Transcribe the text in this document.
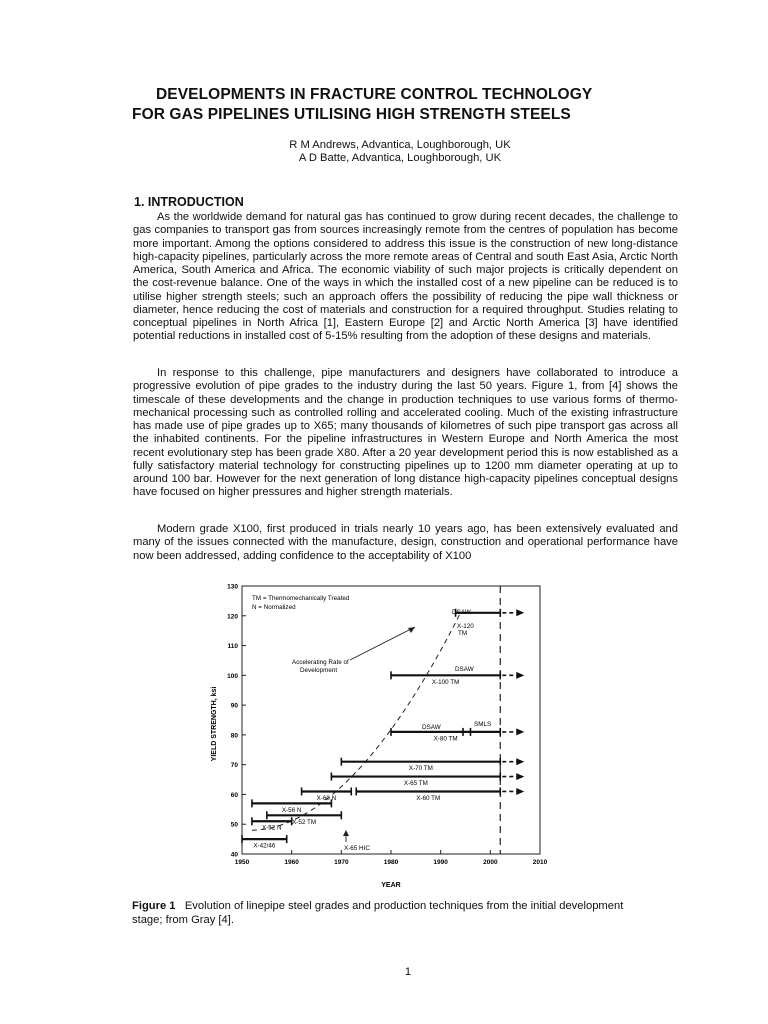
DEVELOPMENTS IN FRACTURE CONTROL TECHNOLOGY
FOR GAS PIPELINES UTILISING HIGH STRENGTH STEELS
R M Andrews, Advantica, Loughborough, UK
A D Batte, Advantica, Loughborough, UK
1. INTRODUCTION

As the worldwide demand for natural gas has continued to grow during recent decades, the challenge to gas companies to transport gas from sources increasingly remote from the centres of population has become more important. Among the options considered to address this issue is the construction of new long-distance high-capacity pipelines, particularly across the more remote areas of Central and south East Asia, Arctic North America, South America and Africa. The economic viability of such major projects is critically dependent on the cost-revenue balance. One of the ways in which the installed cost of a new pipeline can be reduced is to utilise higher strength steels; such an approach offers the possibility of reducing the pipe wall thickness or diameter, hence reducing the cost of materials and construction for a required throughput. Studies relating to conceptual pipelines in North Africa [1], Eastern Europe [2] and Arctic North America [3] have identified potential reductions in installed cost of 5-15% resulting from the adoption of these designs and materials.

In response to this challenge, pipe manufacturers and designers have collaborated to introduce a progressive evolution of pipe grades to the industry during the last 50 years. Figure 1, from [4] shows the timescale of these developments and the change in production techniques to use various forms of thermo-mechanical processing such as controlled rolling and accelerated cooling. Much of the existing infrastructure has made use of pipe grades up to X65; many thousands of kilometres of such pipe transport gas across all the inhabited continents. For the pipeline infrastructures in Western Europe and North America the most recent evolutionary step has been grade X80. After a 20 year development period this is now established as a fully satisfactory material technology for constructing pipelines up to 1200 mm diameter operating at up to around 100 bar. However for the next generation of long distance high-capacity pipelines conceptual designs have focused on higher pressures and higher strength materials.

Modern grade X100, first produced in trials nearly 10 years ago, has been extensively evaluated and many of the issues connected with the manufacture, design, construction and operational performance have now been addressed, adding confidence to the acceptability of X100

40
50
60
70
80
90
100
110
120
130
1950	1960	1970	1980	1990	2000	2010
YIELD STRENGTH, ksi
YEAR
TM = Thermomechanically Treated
N = Normalized
Accelerating Rate of
Development
X-42/46
X-52 N
X-52 TM
X-56 N
X-60 N	X-60 TM
X-65 TM
X-70 TM
X-80 TM
X-100 TM
DSAW
X-120
TM
DSAW
DSAW	SMLS
X-65 HIC
Figure 1 Evolution of linepipe steel grades and production techniques from the initial development stage; from Gray [4].
1
